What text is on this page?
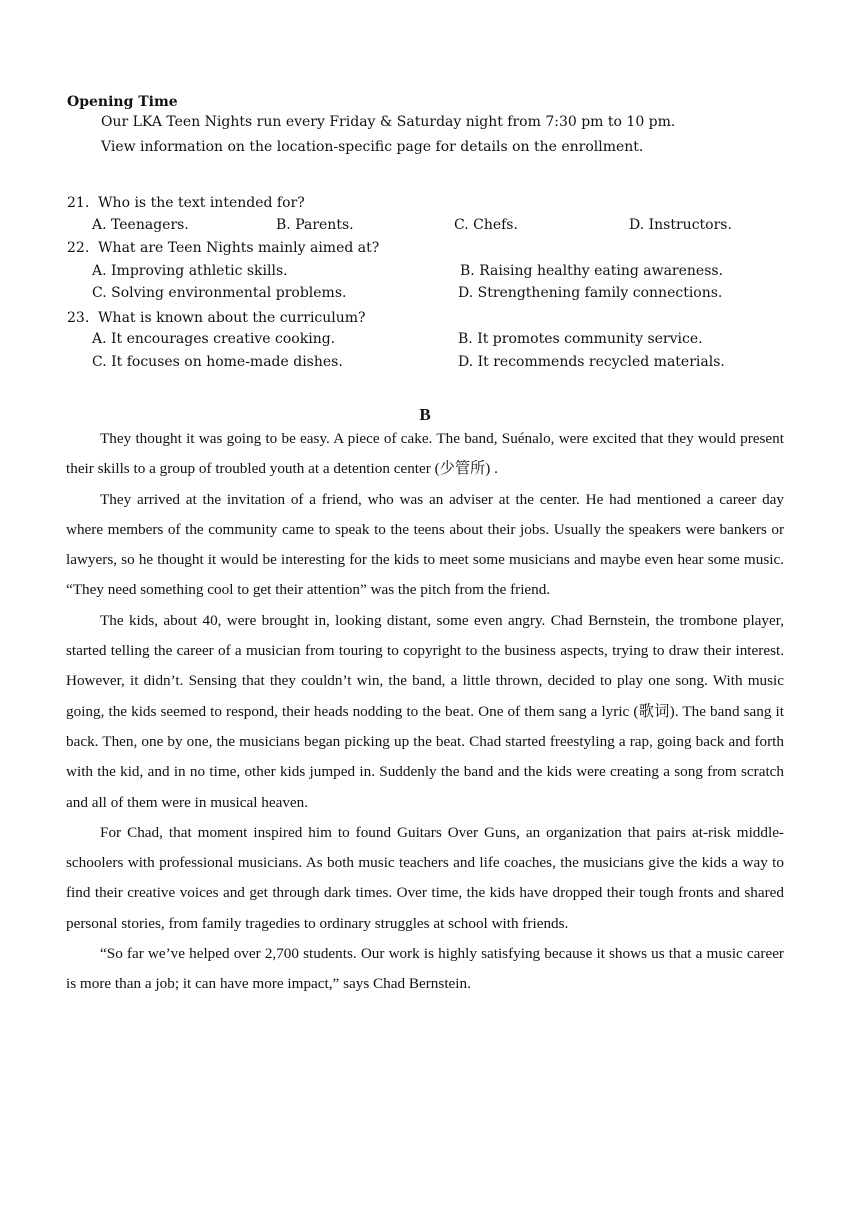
Opening Time
Our LKA Teen Nights run every Friday & Saturday night from 7:30 pm to 10 pm.
View information on the location-specific page for details on the enrollment.
21. Who is the text intended for?
A. Teenagers.	B. Parents.	C. Chefs.	D. Instructors.
22. What are Teen Nights mainly aimed at?
A. Improving athletic skills.	B. Raising healthy eating awareness.
C. Solving environmental problems.	D. Strengthening family connections.
23. What is known about the curriculum?
A. It encourages creative cooking.	B. It promotes community service.
C. It focuses on home-made dishes.	D. It recommends recycled materials.
B

They thought it was going to be easy. A piece of cake. The band, Suénalo, were excited that they would present their skills to a group of troubled youth at a detention center (少管所) .

They arrived at the invitation of a friend, who was an adviser at the center. He had mentioned a career day where members of the community came to speak to the teens about their jobs. Usually the speakers were bankers or lawyers, so he thought it would be interesting for the kids to meet some musicians and maybe even hear some music. “They need something cool to get their attention” was the pitch from the friend.

The kids, about 40, were brought in, looking distant, some even angry. Chad Bernstein, the trombone player, started telling the career of a musician from touring to copyright to the business aspects, trying to draw their interest. However, it didn’t. Sensing that they couldn’t win, the band, a little thrown, decided to play one song. With music going, the kids seemed to respond, their heads nodding to the beat. One of them sang a lyric (歌词). The band sang it back. Then, one by one, the musicians began picking up the beat. Chad started freestyling a rap, going back and forth with the kid, and in no time, other kids jumped in. Suddenly the band and the kids were creating a song from scratch and all of them were in musical heaven.

For Chad, that moment inspired him to found Guitars Over Guns, an organization that pairs at-risk middle-schoolers with professional musicians. As both music teachers and life coaches, the musicians give the kids a way to find their creative voices and get through dark times. Over time, the kids have dropped their tough fronts and shared personal stories, from family tragedies to ordinary struggles at school with friends.

“So far we’ve helped over 2,700 students. Our work is highly satisfying because it shows us that a music career is more than a job; it can have more impact,” says Chad Bernstein.
